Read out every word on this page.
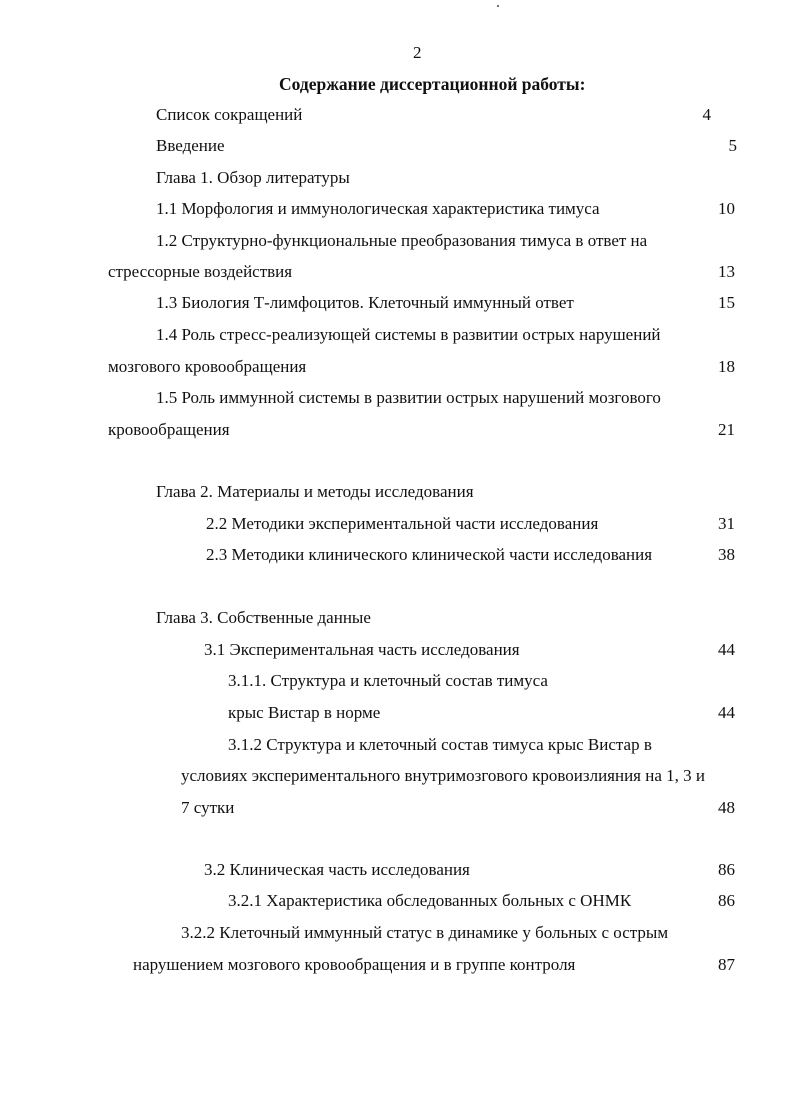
2
Содержание диссертационной работы:
Список сокращений	4
Введение	5
Глава 1. Обзор литературы
1.1 Морфология и иммунологическая характеристика тимуса	10
1.2 Структурно-функциональные преобразования тимуса в ответ на
стрессорные воздействия	13
1.3 Биология Т-лимфоцитов. Клеточный иммунный ответ	15
1.4 Роль стресс-реализующей системы в развитии острых нарушений
мозгового кровообращения	18
1.5 Роль иммунной системы в развитии острых нарушений мозгового
кровообращения	21
Глава 2. Материалы и методы исследования
2.2 Методики экспериментальной части исследования	31
2.3 Методики клинического клинической части исследования	38
Глава 3. Собственные данные
3.1 Экспериментальная часть исследования	44
3.1.1. Структура и клеточный состав тимуса
крыс Вистар в норме	44
3.1.2 Структура и клеточный состав тимуса крыс Вистар в
условиях экспериментального внутримозгового кровоизлияния на 1, 3 и
7 сутки	48
3.2 Клиническая часть исследования	86
3.2.1 Характеристика обследованных больных с ОНМК	86
3.2.2 Клеточный иммунный статус в динамике у больных с острым
нарушением мозгового кровообращения и в группе контроля	87
